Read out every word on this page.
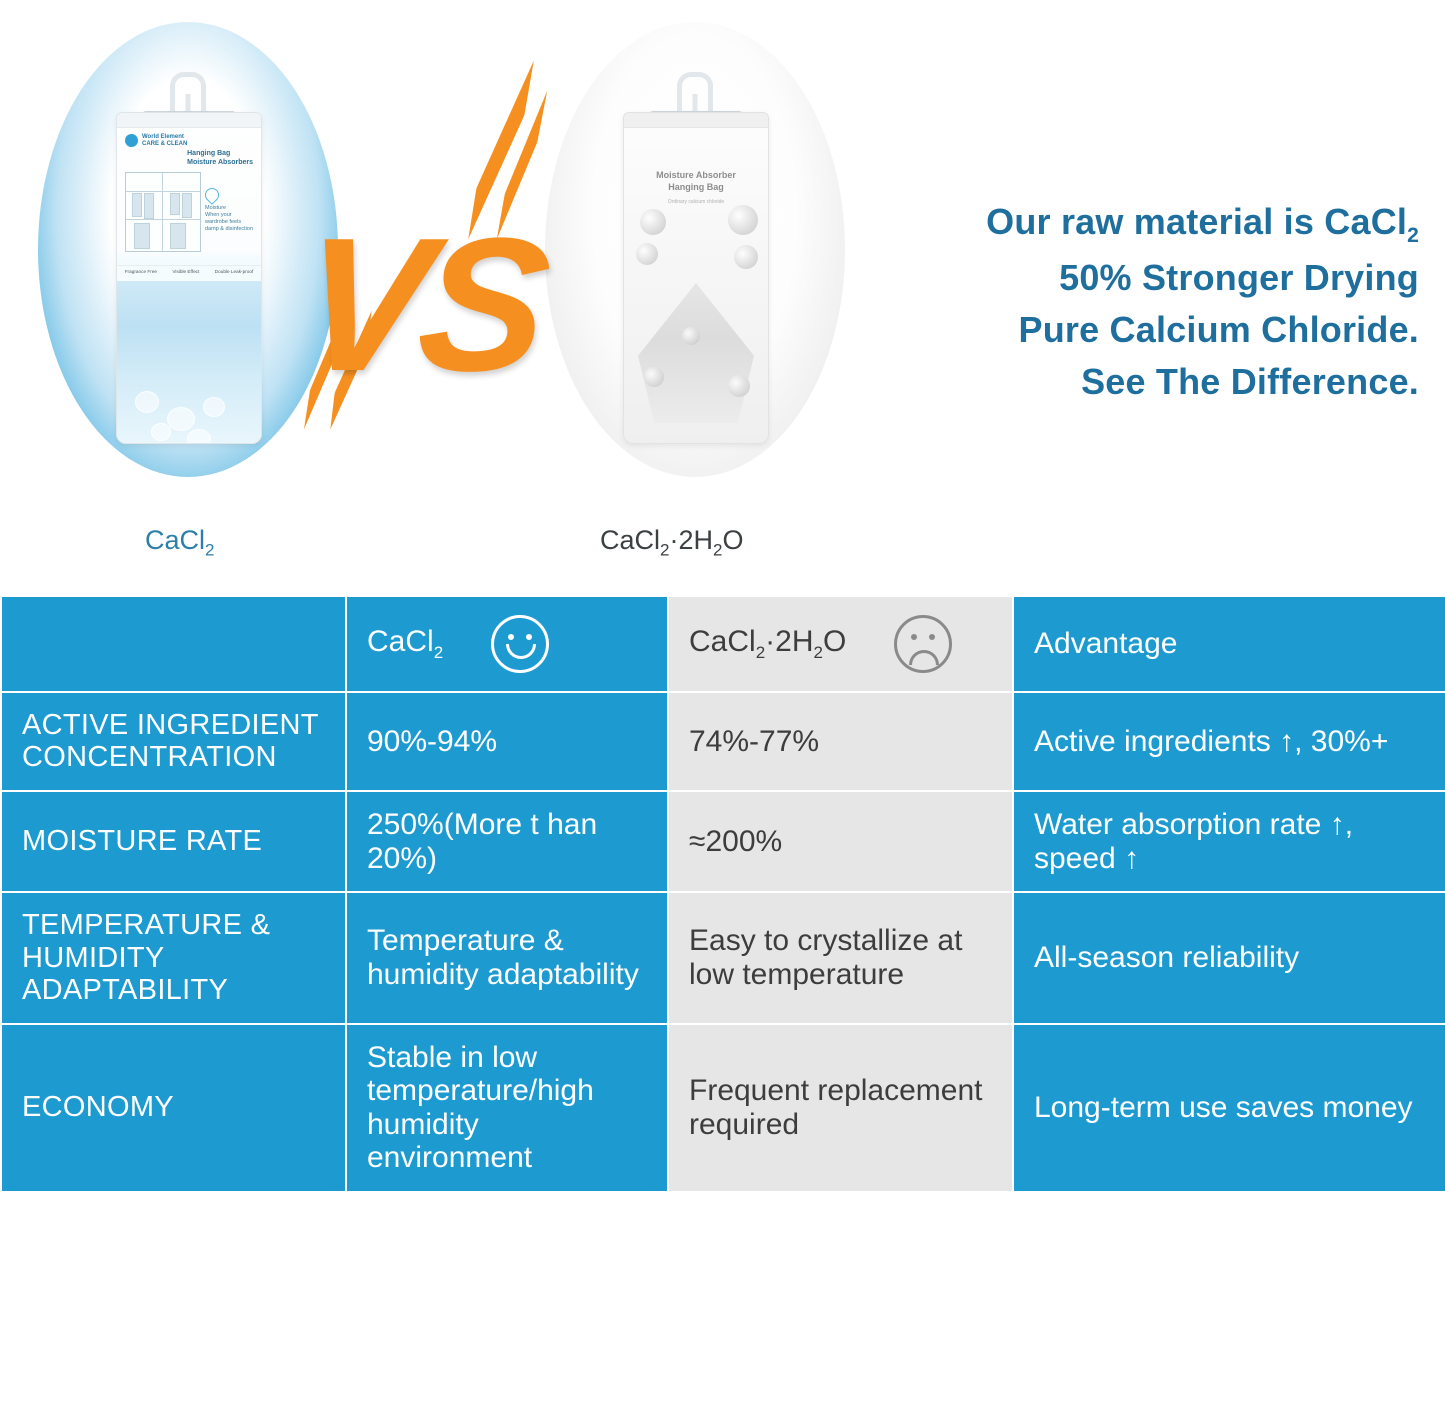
World Element
CARE & CLEAN
Hanging Bag
Moisture Absorbers
Moisture
When your wardrobe feels
damp & disinfection
Fragrance Free	Visible Effect	Double Leak-proof VS
Moisture Absorber
Hanging Bag
Ordinary calcium chloride	Our raw material is CaCl$_2$
50% Stronger Drying
Pure Calcium Chloride.
See The Difference.
CaCl$_2$	$CaCl_2\cdot 2H_2O$

	CaCl$_2$	$CaCl_2\cdot 2H_2O$	Advantage
ACTIVE INGREDIENT CONCENTRATION	90%-94%	74%-77%	Active ingredients ↑, 30%+
MOISTURE RATE	250%(More t han 20%)	≈200%	Water absorption rate ↑, speed ↑
TEMPERATURE & HUMIDITY ADAPTABILITY	Temperature & humidity adaptability	Easy to crystallize at low temperature	All-season reliability
ECONOMY	Stable in low temperature/high humidity environment	Frequent replacement required	Long-term use saves money
